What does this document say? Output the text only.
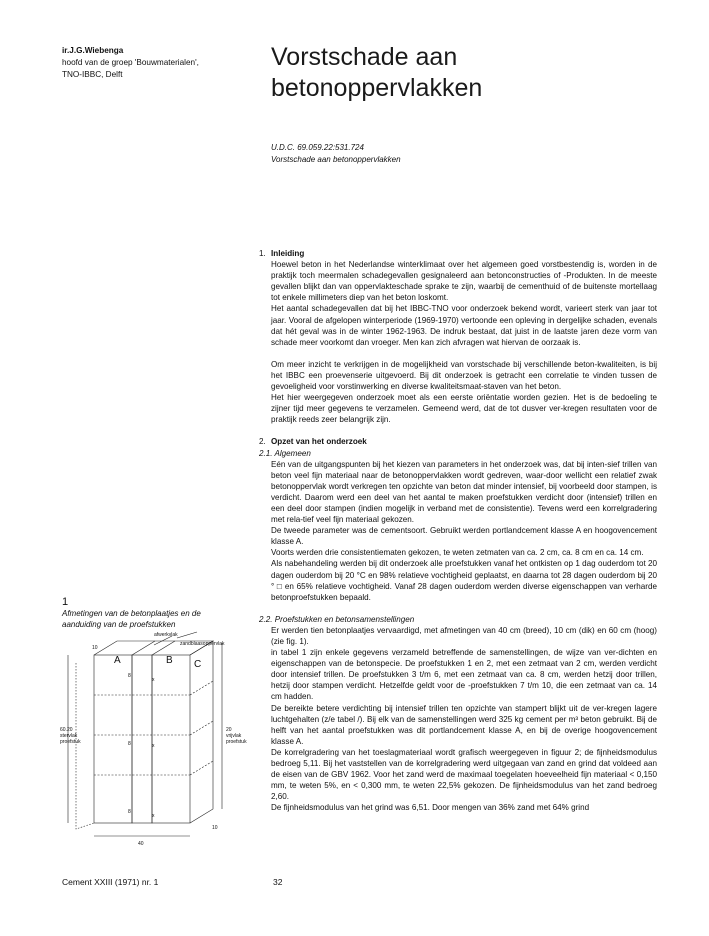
ir.J.G.Wiebenga
hoofd van de groep 'Bouwmaterialen',
TNO-IBBC, Delft
Vorstschade aan
betonoppervlakken
U.D.C. 69.059.22:531.724
Vorstschade aan betonoppervlakken
1. Inleiding
Hoewel beton in het Nederlandse winterklimaat over het algemeen goed vorstbestendig is, worden in de praktijk toch meermalen schadegevallen gesignaleerd aan betonconstructies of -Produkten. In de meeste gevallen blijkt dan van oppervlakteschade sprake te zijn, waarbij de cementhuid of de buitenste mortellaag tot enkele millimeters diep van het beton loskomt.
Het aantal schadegevallen dat bij het IBBC-TNO voor onderzoek bekend wordt, varieert sterk van jaar tot jaar. Vooral de afgelopen winterperiode (1969-1970) vertoonde een opleving in dergelijke schaden, evenals dat hét geval was in de winter 1962-1963. De indruk bestaat, dat juist in de laatste jaren deze vorm van schade meer voorkomt dan vroeger. Men kan zich afvragen wat hiervan de oorzaak is.
Om meer inzicht te verkrijgen in de mogelijkheid van vorstschade bij verschillende beton-kwaliteiten, is bij het IBBC een proevenserie uitgevoerd. Bij dit onderzoek is getracht een correlatie te vinden tussen de gevoeligheid voor vorstinwerking en diverse kwaliteitsmaat-staven van het beton.
Het hier weergegeven onderzoek moet als een eerste oriëntatie worden gezien. Het is de bedoeling te zijner tijd meer gegevens te verzamelen. Gemeend werd, dat de tot dusver ver-kregen resultaten voor de praktijk reeds zeer belangrijk zijn.
2. Opzet van het onderzoek
2.1. Algemeen
Eén van de uitgangspunten bij het kiezen van parameters in het onderzoek was, dat bij inten-sief trillen van beton veel fijn materiaal naar de betonoppervlakken wordt gedreven, waar-door wellicht een relatief zwak betonoppervlak wordt verkregen ten opzichte van beton dat minder intensief, bij voorbeeld door stampen, is verdicht. Daarom werd een deel van het aantal te maken proefstukken verdicht door (intensief) trillen en een deel door stampen (indien mogelijk in verband met de consistentie). Tevens werd een korrelgradering met rela-tief veel fijn materiaal gekozen.
De tweede parameter was de cementsoort. Gebruikt werden portlandcement klasse A en hoogovencement klasse A.
Voorts werden drie consistentiematen gekozen, te weten zetmaten van ca. 2 cm, ca. 8 cm en ca. 14 cm.
Als nabehandeling werden bij dit onderzoek alle proefstukken vanaf het ontkisten op 1 dag ouderdom tot 20 dagen ouderdom bij 20 °C en 98% relatieve vochtigheid geplaatst, en daarna tot 28 dagen ouderdom bij 20 ° □ en 65% relatieve vochtigheid. Vanaf 28 dagen ouderdom werden diverse eigenschappen van verharde betonproefstukken bepaald.
2.2. Proefstukken en betonsamenstellingen
Er werden tien betonplaatjes vervaardigd, met afmetingen van 40 cm (breed), 10 cm (dik) en 60 cm (hoog) (zie fig. 1).
in tabel 1 zijn enkele gegevens verzameld betreffende de samenstellingen, de wijze van ver-dichten en eigenschappen van de betonspecie. De proefstukken 1 en 2, met een zetmaat van 2 cm, werden verdicht door intensief trillen. De proefstukken 3 t/m 6, met een zetmaat van ca. 8 cm, werden hetzij door trillen, hetzij door stampen verdicht. Hetzelfde geldt voor de -proefstukken 7 t/m 10, die een zetmaat van ca. 14 cm hadden.
De bereikte betere verdichting bij intensief trillen ten opzichte van stampert blijkt uit de ver-kregen lagere luchtgehalten (z/e tabel /). Bij elk van de samenstellingen werd 325 kg cement per m³ beton gebruikt. Bij de helft van het aantal proefstukken was dit portlandcement klasse A, en bij de overige hoogovencement klasse A.
De korrelgradering van het toeslagmateriaal wordt grafisch weergegeven in figuur 2; de fijnheidsmodulus bedroeg 5,11. Bij het vaststellen van de korrelgradering werd uitgegaan van zand en grind dat voldeed aan de eisen van de GBV 1962. Voor het zand werd de maximaal toegelaten hoeveelheid fijn materiaal < 0,150 mm, te weten 5%, en < 0,300 mm, te weten 22,5% gekozen. De fijnheidsmodulus van het zand bedroeg 2,60.
De fijnheidsmodulus van het grind was 6,51. Door mengen van 36% zand met 64% grind
1
Afmetingen van de betonplaatjes en de aanduiding van de proefstukken
afwerkvlak
zandblaasoppervlak
10
A	B C
8
x
8	x
8
x
60.20
stervlak
proefstuk
20
vrijvlak
proefstuk
40
10
Cement XXIII (1971) nr. 1	32
